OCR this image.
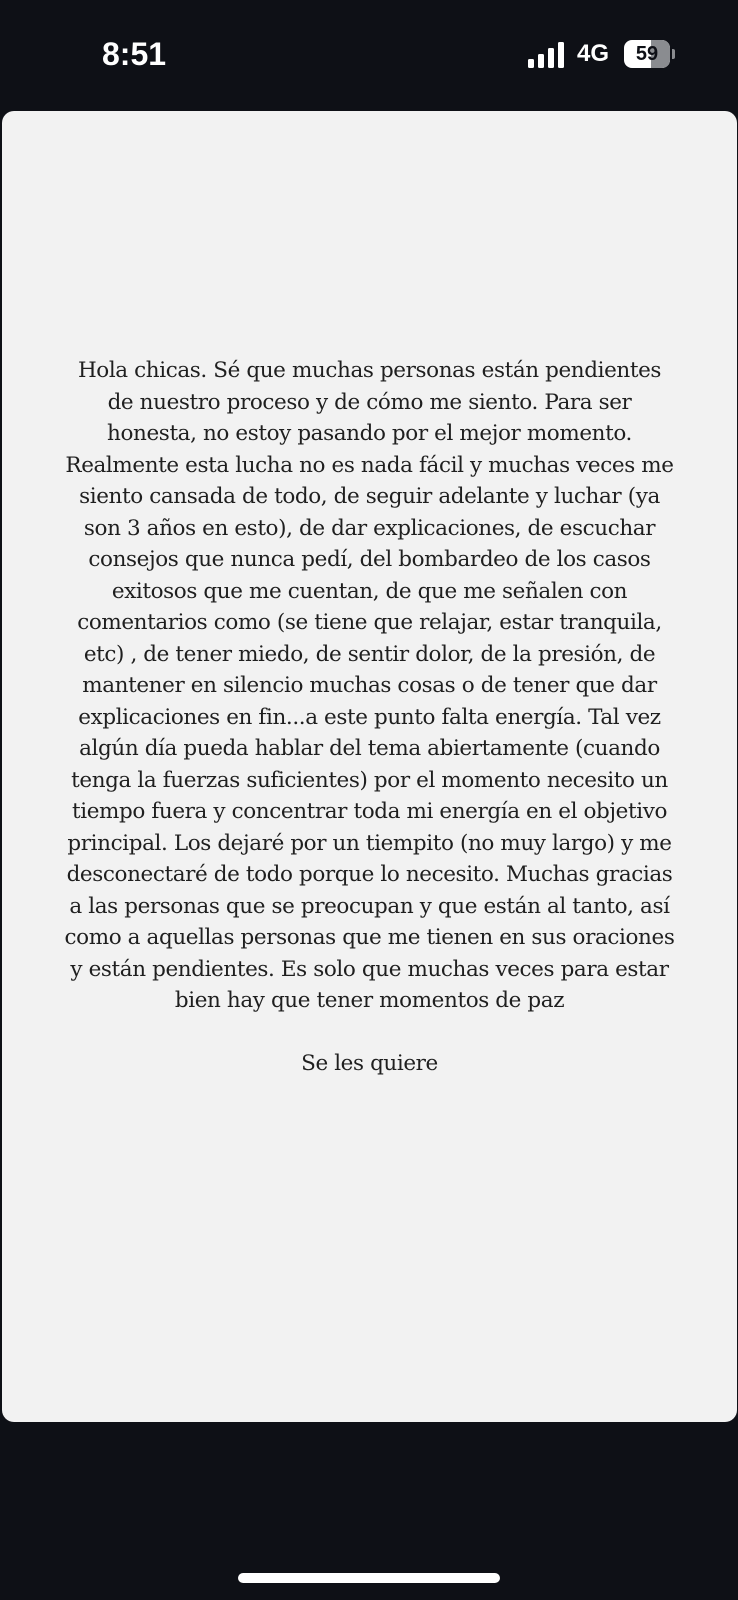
8:51	4G	59

Hola chicas. Sé que muchas personas están pendientes de nuestro proceso y de cómo me siento. Para ser honesta, no estoy pasando por el mejor momento. Realmente esta lucha no es nada fácil y muchas veces me siento cansada de todo, de seguir adelante y luchar (ya son 3 años en esto), de dar explicaciones, de escuchar consejos que nunca pedí, del bombardeo de los casos exitosos que me cuentan, de que me señalen con comentarios como (se tiene que relajar, estar tranquila, etc) , de tener miedo, de sentir dolor, de la presión, de mantener en silencio muchas cosas o de tener que dar explicaciones en fin...a este punto falta energía. Tal vez algún día pueda hablar del tema abiertamente (cuando tenga la fuerzas suficientes) por el momento necesito un tiempo fuera y concentrar toda mi energía en el objetivo principal. Los dejaré por un tiempito (no muy largo) y me desconectaré de todo porque lo necesito. Muchas gracias a las personas que se preocupan y que están al tanto, así como a aquellas personas que me tienen en sus oraciones y están pendientes. Es solo que muchas veces para estar bien hay que tener momentos de paz

Se les quiere
